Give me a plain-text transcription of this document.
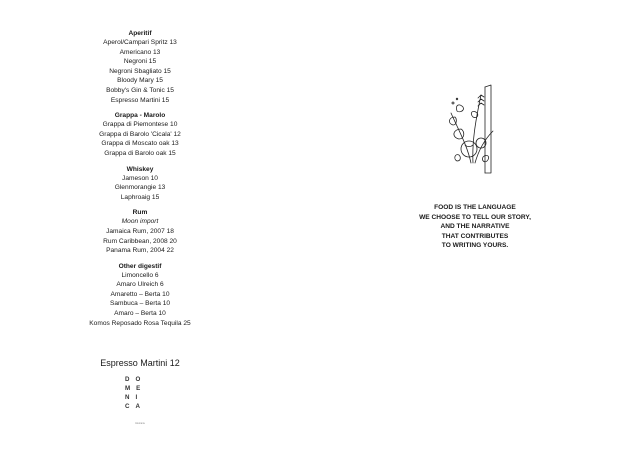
Aperitif
Aperol/Campari Spritz 13
Americano 13
Negroni 15
Negroni Sbagliato 15
Bloody Mary 15
Bobby's Gin & Tonic 15
Espresso Martini 15
Grappa - Marolo
Grappa di Piemontese 10
Grappa di Barolo 'Cicala' 12
Grappa di Moscato oak 13
Grappa di Barolo oak 15
Whiskey
Jameson 10
Glenmorangie 13
Laphroaig 15
Rum
Moon import
Jamaica Rum, 2007 18
Rum Caribbean, 2008 20
Panama Rum, 2004 22
Other digestif
Limoncello 6
Amaro Ulreich 6
Amaretto – Berta 10
Sambuca – Berta 10
Amaro – Berta 10
Komos Reposado Rosa Tequila 25
Espresso Martini 12
DO
ME
NI
CA
ristorante
FOOD IS THE LANGUAGE
WE CHOOSE TO TELL OUR STORY,
AND THE NARRATIVE
THAT CONTRIBUTES
TO WRITING YOURS.
